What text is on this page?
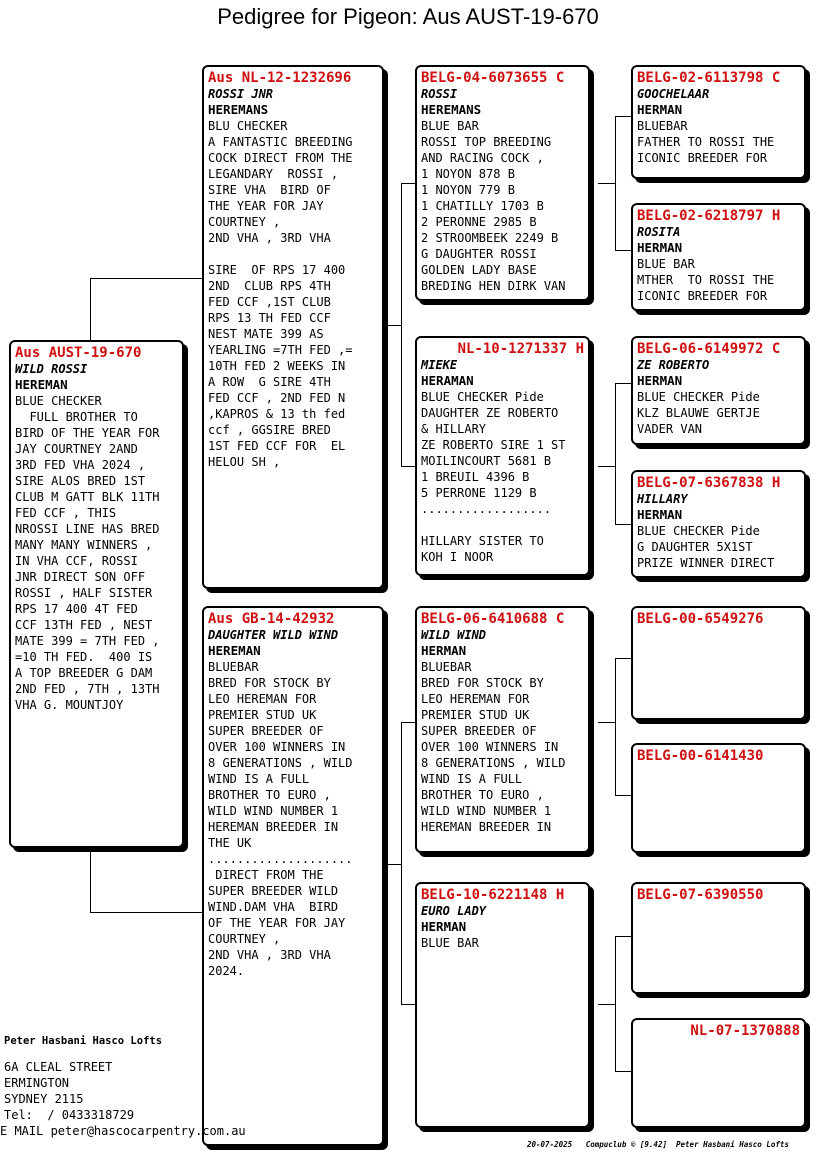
Pedigree for Pigeon: Aus AUST-19-670
Aus AUST-19-670
WILD ROSSI
HEREMAN
BLUE CHECKER
FULL BROTHER TO
BIRD OF THE YEAR FOR
JAY COURTNEY 2AND
3RD FED VHA 2024 ,
SIRE ALOS BRED 1ST
CLUB M GATT BLK 11TH
FED CCF , THIS
NROSSI LINE HAS BRED
MANY MANY WINNERS ,
IN VHA CCF, ROSSI
JNR DIRECT SON OFF
ROSSI , HALF SISTER
RPS 17 400 4T FED
CCF 13TH FED , NEST
MATE 399 = 7TH FED ,
=10 TH FED.  400 IS
A TOP BREEDER G DAM
2ND FED , 7TH , 13TH
VHA G. MOUNTJOY
Aus NL-12-1232696
ROSSI JNR
HEREMANS
BLU CHECKER
A FANTASTIC BREEDING
COCK DIRECT FROM THE
LEGANDARY  ROSSI ,
SIRE VHA  BIRD OF
THE YEAR FOR JAY
COURTNEY ,
2ND VHA , 3RD VHA

SIRE  OF RPS 17 400
2ND  CLUB RPS 4TH
FED CCF ,1ST CLUB
RPS 13 TH FED CCF
NEST MATE 399 AS
YEARLING =7TH FED ,=
10TH FED 2 WEEKS IN
A ROW  G SIRE 4TH
FED CCF , 2ND FED N
,KAPROS & 13 th fed
ccf , GGSIRE BRED
1ST FED CCF FOR  EL
HELOU SH ,
Aus GB-14-42932
DAUGHTER WILD WIND
HEREMAN
BLUEBAR
BRED FOR STOCK BY
LEO HEREMAN FOR
PREMIER STUD UK
SUPER BREEDER OF
OVER 100 WINNERS IN
8 GENERATIONS , WILD
WIND IS A FULL
BROTHER TO EURO ,
WILD WIND NUMBER 1
HEREMAN BREEDER IN
THE UK
....................
DIRECT FROM THE
SUPER BREEDER WILD
WIND.DAM VHA  BIRD
OF THE YEAR FOR JAY
COURTNEY ,
2ND VHA , 3RD VHA
2024.
BELG-04-6073655 C
ROSSI
HEREMANS
BLUE BAR
ROSSI TOP BREEDING
AND RACING COCK ,
1 NOYON 878 B
1 NOYON 779 B
1 CHATILLY 1703 B
2 PERONNE 2985 B
2 STROOMBEEK 2249 B
G DAUGHTER ROSSI
GOLDEN LADY BASE
BREDING HEN DIRK VAN
NL-10-1271337 H
MIEKE
HERAMAN
BLUE CHECKER Pide
DAUGHTER ZE ROBERTO
& HILLARY
ZE ROBERTO SIRE 1 ST
MOILINCOURT 5681 B
1 BREUIL 4396 B
5 PERRONE 1129 B
..................

HILLARY SISTER TO
KOH I NOOR
BELG-06-6410688 C
WILD WIND
HERMAN
BLUEBAR
BRED FOR STOCK BY
LEO HEREMAN FOR
PREMIER STUD UK
SUPER BREEDER OF
OVER 100 WINNERS IN
8 GENERATIONS , WILD
WIND IS A FULL
BROTHER TO EURO ,
WILD WIND NUMBER 1
HEREMAN BREEDER IN
BELG-10-6221148 H
EURO LADY
HERMAN
BLUE BAR
BELG-02-6113798 C
GOOCHELAAR
HERMAN
BLUEBAR
FATHER TO ROSSI THE
ICONIC BREEDER FOR
BELG-02-6218797 H
ROSITA
HERMAN
BLUE BAR
MTHER  TO ROSSI THE
ICONIC BREEDER FOR
BELG-06-6149972 C
ZE ROBERTO
HERMAN
BLUE CHECKER Pide
KLZ BLAUWE GERTJE
VADER VAN
BELG-07-6367838 H
HILLARY
HERMAN
BLUE CHECKER Pide
G DAUGHTER 5X1ST
PRIZE WINNER DIRECT
BELG-00-6549276
BELG-00-6141430
BELG-07-6390550
NL-07-1370888
Peter Hasbani Hasco Lofts
6A CLEAL STREET
ERMINGTON
SYDNEY 2115
Tel:  / 0433318729
E MAIL peter@hascocarpentry.com.au
20-07-2025   Compuclub © [9.42]  Peter Hasbani Hasco Lofts
